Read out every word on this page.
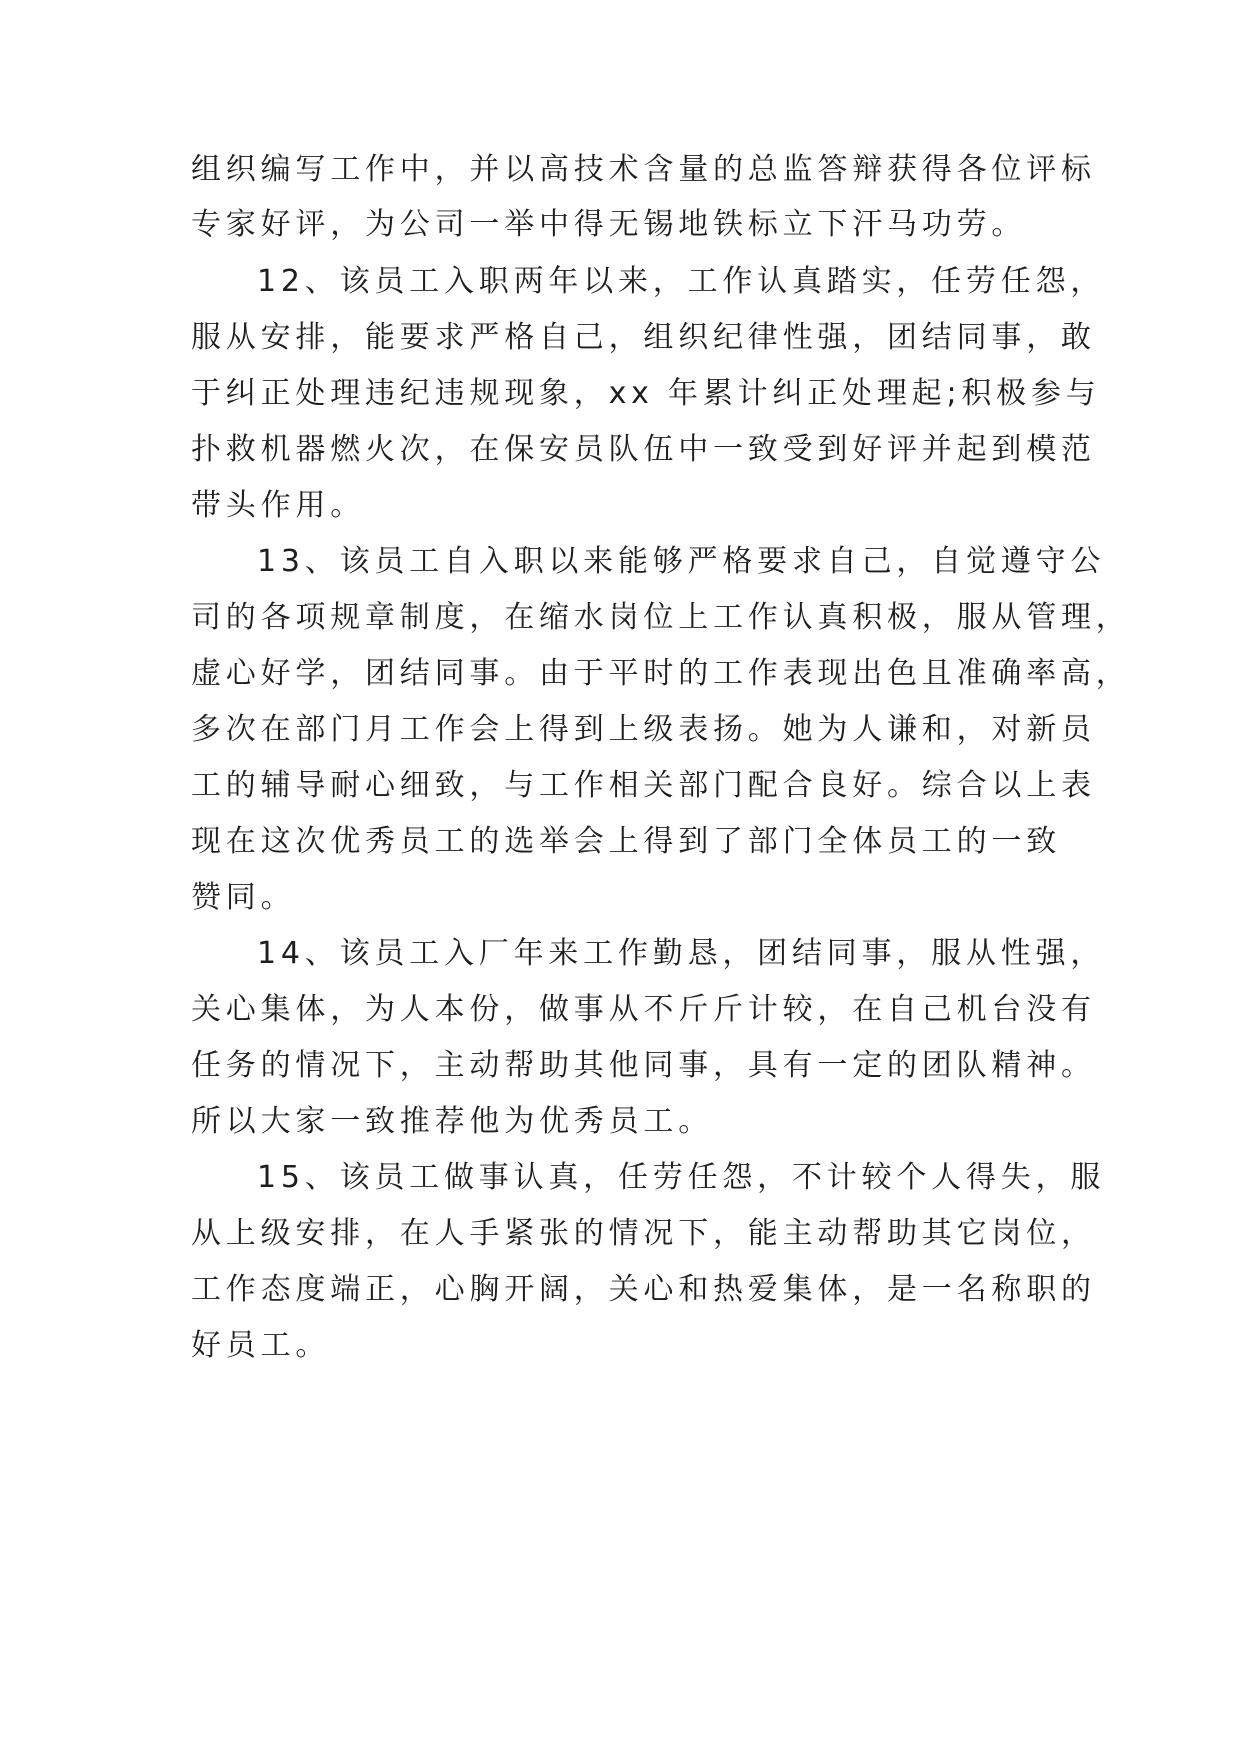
组织编写工作中，并以高技术含量的总监答辩获得各位评标
专家好评，为公司一举中得无锡地铁标立下汗马功劳。
12、该员工入职两年以来，工作认真踏实，任劳任怨，
服从安排，能要求严格自己，组织纪律性强，团结同事，敢
于纠正处理违纪违规现象，xx 年累计纠正处理起;积极参与
扑救机器燃火次，在保安员队伍中一致受到好评并起到模范
带头作用。
13、该员工自入职以来能够严格要求自己，自觉遵守公
司的各项规章制度，在缩水岗位上工作认真积极，服从管理，
虚心好学，团结同事。由于平时的工作表现出色且准确率高，
多次在部门月工作会上得到上级表扬。她为人谦和，对新员
工的辅导耐心细致，与工作相关部门配合良好。综合以上表
现在这次优秀员工的选举会上得到了部门全体员工的一致
赞同。
14、该员工入厂年来工作勤恳，团结同事，服从性强，
关心集体，为人本份，做事从不斤斤计较，在自己机台没有
任务的情况下，主动帮助其他同事，具有一定的团队精神。
所以大家一致推荐他为优秀员工。
15、该员工做事认真，任劳任怨，不计较个人得失，服
从上级安排，在人手紧张的情况下，能主动帮助其它岗位，
工作态度端正，心胸开阔，关心和热爱集体，是一名称职的
好员工。
